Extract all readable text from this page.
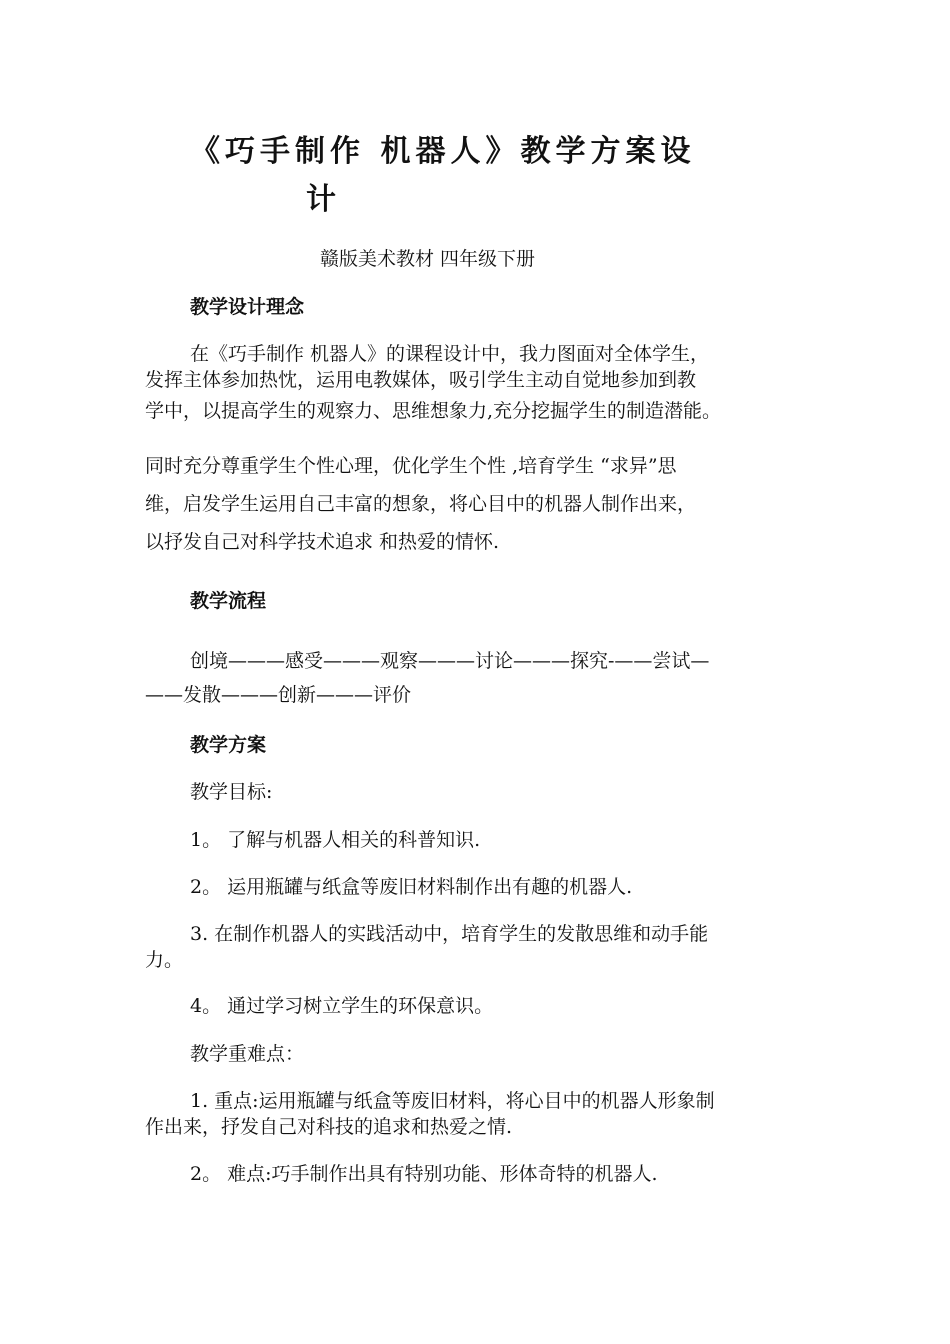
《巧手制作 机器人》教学方案设
计
赣版美术教材 四年级下册
教学设计理念
在《巧手制作 机器人》的课程设计中，我力图面对全体学生，
发挥主体参加热忱，运用电教媒体，吸引学生主动自觉地参加到教
学中，以提高学生的观察力、思维想象力,充分挖掘学生的制造潜能。
同时充分尊重学生个性心理，优化学生个性 ,培育学生 “求异”思
维，启发学生运用自己丰富的想象，将心目中的机器人制作出来，
以抒发自己对科学技术追求 和热爱的情怀.
教学流程
创境———感受———观察———讨论———探究-——尝试—
——发散———创新———评价
教学方案
教学目标:
1。 了解与机器人相关的科普知识.
2。 运用瓶罐与纸盒等废旧材料制作出有趣的机器人.
3. 在制作机器人的实践活动中，培育学生的发散思维和动手能
力。
4。 通过学习树立学生的环保意识。
教学重难点：
1. 重点:运用瓶罐与纸盒等废旧材料，将心目中的机器人形象制
作出来，抒发自己对科技的追求和热爱之情.
2。 难点:巧手制作出具有特别功能、形体奇特的机器人.
